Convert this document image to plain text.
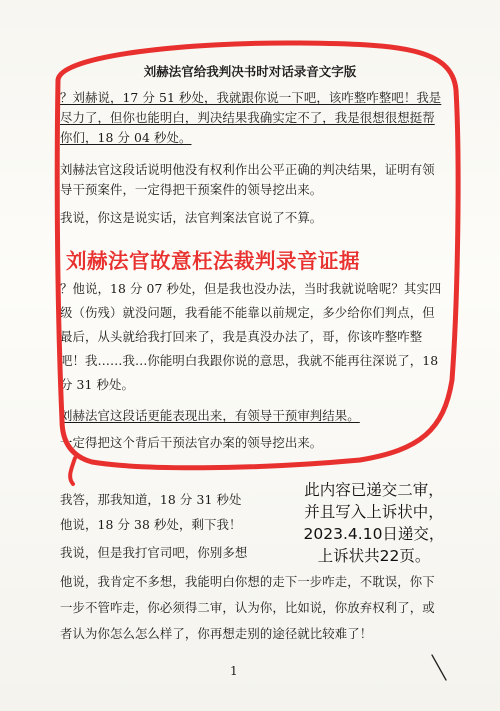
刘赫法官给我判决书时对话录音文字版
？刘赫说，17 分 51 秒处，我就跟你说一下吧，该咋整咋整吧！我是
尽力了，但你也能明白，判决结果我确实定不了，我是很想很想挺帮
你们，18 分 04 秒处。
刘赫法官这段话说明他没有权利作出公平正确的判决结果，证明有领
导干预案件，一定得把干预案件的领导挖出来。
我说，你这是说实话，法官判案法官说了不算。
刘赫法官故意枉法裁判录音证据
？他说，18 分 07 秒处，但是我也没办法，当时我就说啥呢？其实四
级（伤残）就没问题，我看能不能靠以前规定，多少给你们判点，但
最后，从头就给我打回来了，我是真没办法了，哥，你该咋整咋整
吧！我……我…你能明白我跟你说的意思，我就不能再往深说了，18
分 31 秒处。
刘赫法官这段话更能表现出来，有领导干预审判结果。
一定得把这个背后干预法官办案的领导挖出来。
我答，那我知道，18 分 31 秒处
他说，18 分 38 秒处，剩下我！
我说，但是我打官司吧，你别多想
他说，我肯定不多想，我能明白你想的走下一步咋走，不耽误，你下
一步不管咋走，你必须得二审，认为你，比如说，你放弃权利了，或
者认为你怎么怎么样了，你再想走别的途径就比较难了！
此内容已递交二审，
并且写入上诉状中，
2023.4.10日递交，
上诉状共22页。
1
